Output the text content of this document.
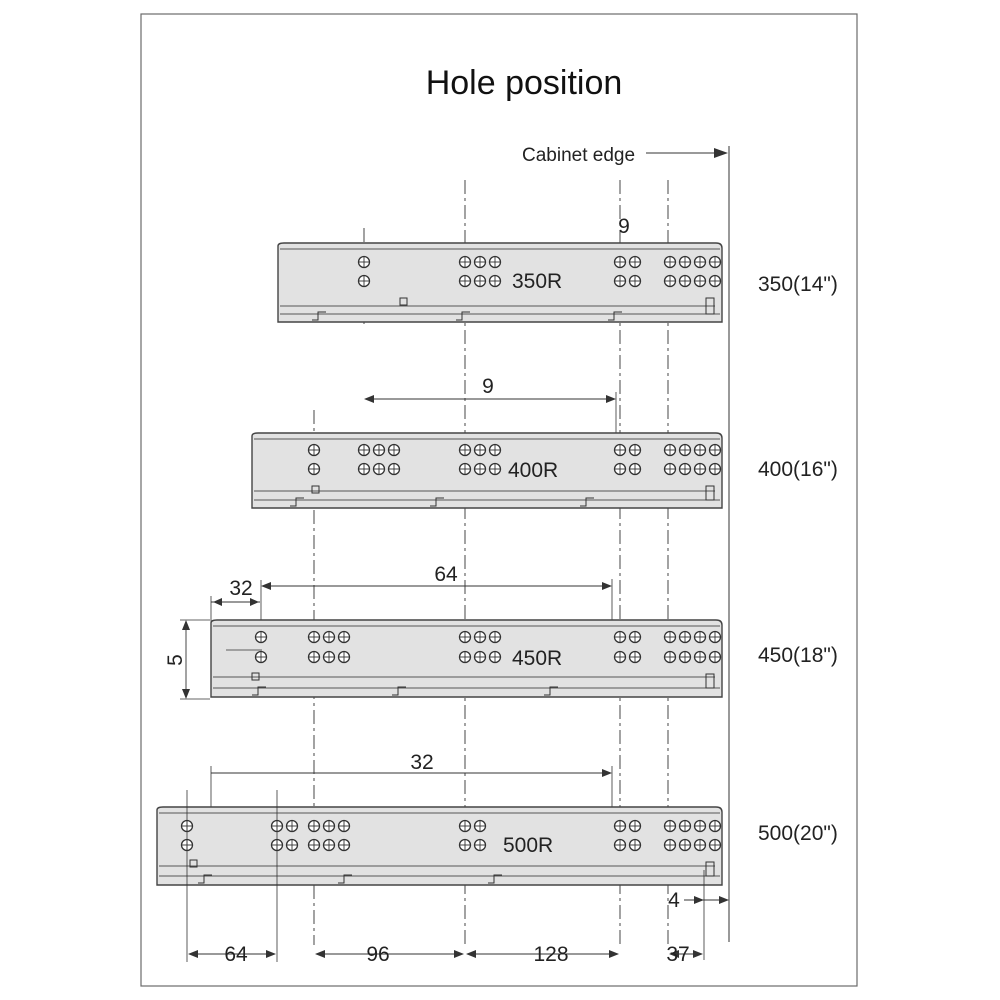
Hole position
Cabinet edge
350R	350(14")
9
9
400R	400(16")
64
32
5	450R	450(18")
32
500R
500(20")
4
64	96	128	37
